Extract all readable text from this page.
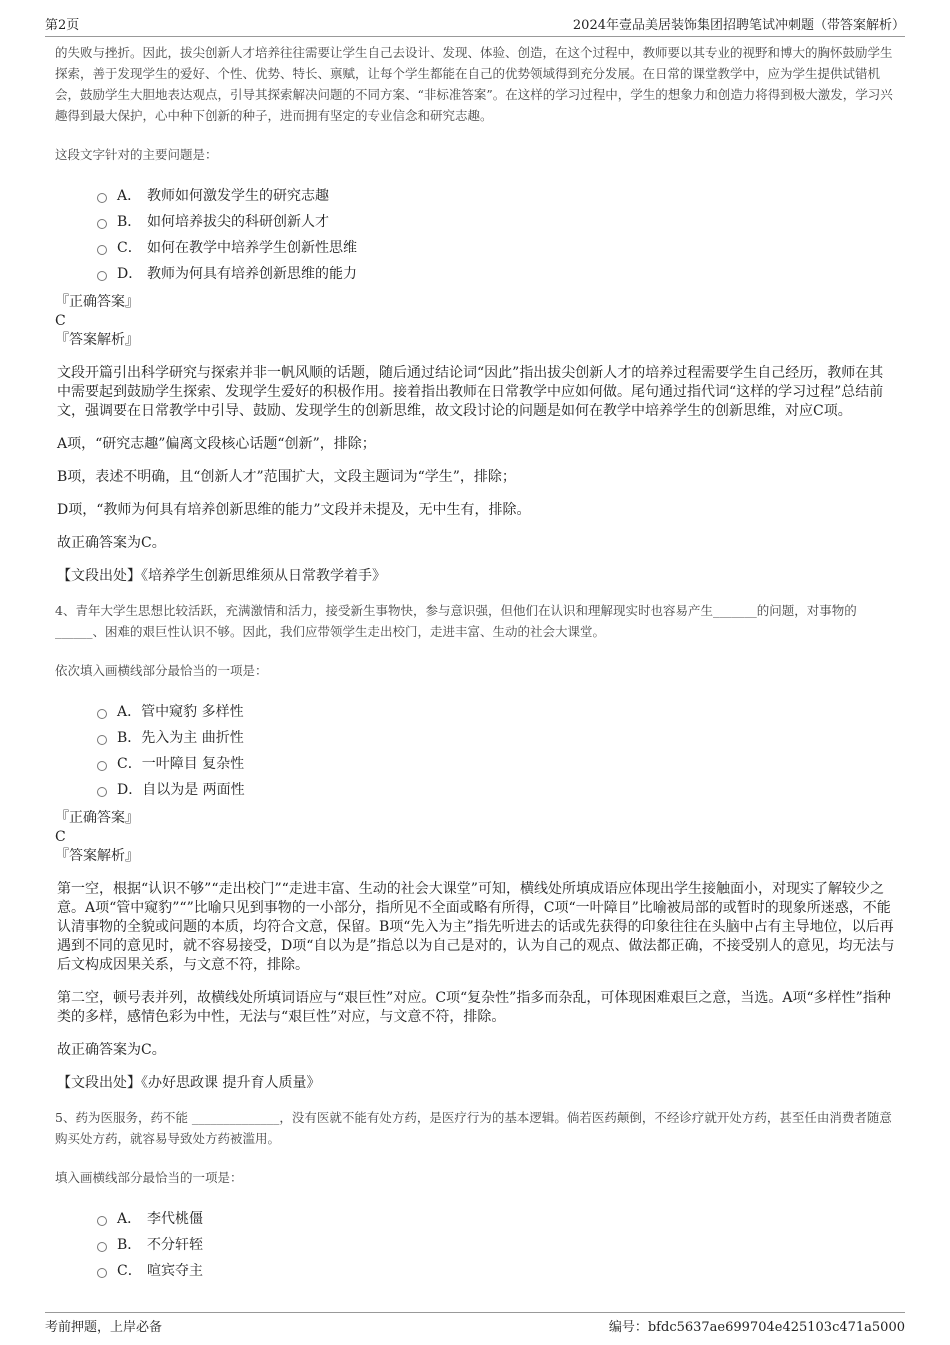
第2页	2024年壹品美居装饰集团招聘笔试冲刺题（带答案解析）

的失败与挫折。因此，拔尖创新人才培养往往需要让学生自己去设计、发现、体验、创造，在这个过程中，教师要以其专业的视野和博大的胸怀鼓励学生探索，善于发现学生的爱好、个性、优势、特长、禀赋，让每个学生都能在自己的优势领域得到充分发展。在日常的课堂教学中，应为学生提供试错机会，鼓励学生大胆地表达观点，引导其探索解决问题的不同方案、“非标准答案”。在这样的学习过程中，学生的想象力和创造力将得到极大激发，学习兴趣得到最大保护，心中种下创新的种子，进而拥有坚定的专业信念和研究志趣。

这段文字针对的主要问题是：

A． 教师如何激发学生的研究志趣
B． 如何培养拔尖的科研创新人才
C． 如何在教学中培养学生创新性思维
D． 教师为何具有培养创新思维的能力
『正确答案』
C
『答案解析』

文段开篇引出科学研究与探索并非一帆风顺的话题，随后通过结论词“因此”指出拔尖创新人才的培养过程需要学生自己经历，教师在其中需要起到鼓励学生探索、发现学生爱好的积极作用。接着指出教师在日常教学中应如何做。尾句通过指代词“这样的学习过程”总结前文，强调要在日常教学中引导、鼓励、发现学生的创新思维，故文段讨论的问题是如何在教学中培养学生的创新思维，对应C项。

A项，“研究志趣”偏离文段核心话题“创新”，排除；

B项，表述不明确，且“创新人才”范围扩大，文段主题词为“学生”，排除；

D项，“教师为何具有培养创新思维的能力”文段并未提及，无中生有，排除。

故正确答案为C。

【文段出处】《培养学生创新思维须从日常教学着手》

4、青年大学生思想比较活跃，充满激情和活力，接受新生事物快，参与意识强，但他们在认识和理解现实时也容易产生_______的问题，对事物的______、困难的艰巨性认识不够。因此，我们应带领学生走出校门，走进丰富、生动的社会大课堂。

依次填入画横线部分最恰当的一项是：

A． 管中窥豹 多样性
B． 先入为主 曲折性
C． 一叶障目 复杂性
D． 自以为是 两面性
『正确答案』
C
『答案解析』

第一空，根据“认识不够”“走出校门”“走进丰富、生动的社会大课堂”可知，横线处所填成语应体现出学生接触面小，对现实了解较少之意。A项“管中窥豹”“”比喻只见到事物的一小部分，指所见不全面或略有所得，C项“一叶障目”比喻被局部的或暂时的现象所迷惑，不能认清事物的全貌或问题的本质，均符合文意，保留。B项“先入为主”指先听进去的话或先获得的印象往往在头脑中占有主导地位，以后再遇到不同的意见时，就不容易接受，D项“自以为是”指总以为自己是对的，认为自己的观点、做法都正确，不接受别人的意见，均无法与后文构成因果关系，与文意不符，排除。

第二空，顿号表并列，故横线处所填词语应与“艰巨性”对应。C项“复杂性”指多而杂乱，可体现困难艰巨之意，当选。A项“多样性”指种类的多样，感情色彩为中性，无法与“艰巨性”对应，与文意不符，排除。

故正确答案为C。

【文段出处】《办好思政课 提升育人质量》

5、药为医服务，药不能 ______________，没有医就不能有处方药，是医疗行为的基本逻辑。倘若医药颠倒，不经诊疗就开处方药，甚至任由消费者随意购买处方药，就容易导致处方药被滥用。

填入画横线部分最恰当的一项是：

A． 李代桃僵
B． 不分轩轾
C． 喧宾夺主
考前押题，上岸必备	编号：bfdc5637ae699704e425103c471a5000
